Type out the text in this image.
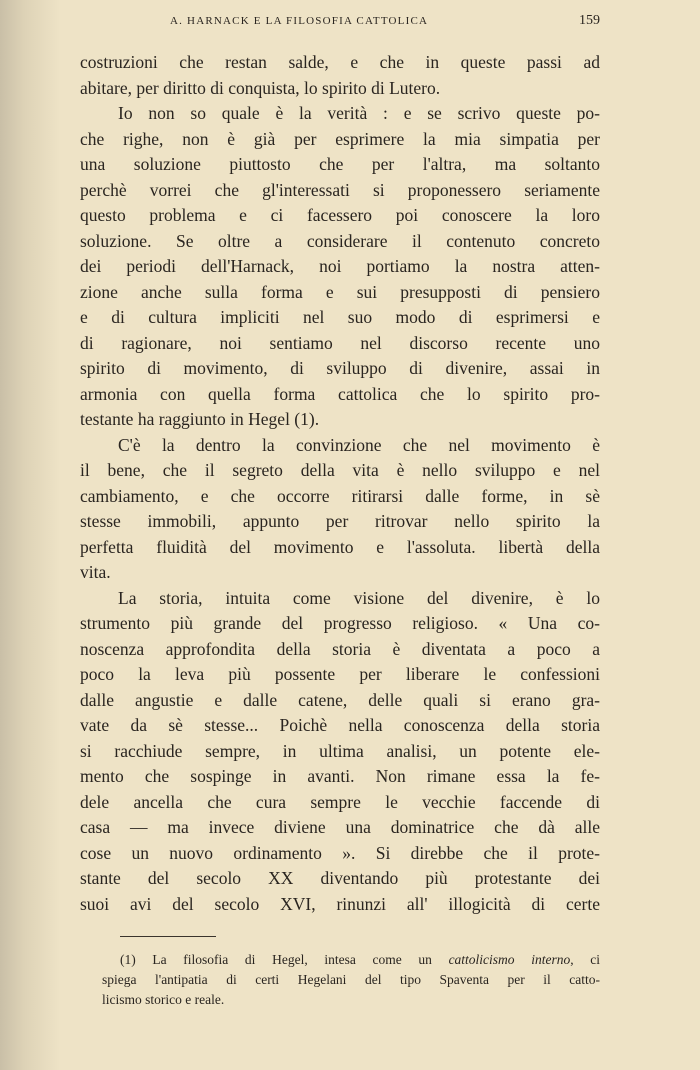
A. HARNACK E LA FILOSOFIA CATTOLICA	159
costruzioni che restan salde, e che in queste passi ad
abitare, per diritto di conquista, lo spirito di Lutero.
Io non so quale è la verità : e se scrivo queste po-
che righe, non è già per esprimere la mia simpatia per
una soluzione piuttosto che per l'altra, ma soltanto
perchè vorrei che gl'interessati si proponessero seriamente
questo problema e ci facessero poi conoscere la loro
soluzione. Se oltre a considerare il contenuto concreto
dei periodi dell'Harnack, noi portiamo la nostra atten-
zione anche sulla forma e sui presupposti di pensiero
e di cultura impliciti nel suo modo di esprimersi e
di ragionare, noi sentiamo nel discorso recente uno
spirito di movimento, di sviluppo di divenire, assai in
armonia con quella forma cattolica che lo spirito pro-
testante ha raggiunto in Hegel (1).
C'è la dentro la convinzione che nel movimento è
il bene, che il segreto della vita è nello sviluppo e nel
cambiamento, e che occorre ritirarsi dalle forme, in sè
stesse immobili, appunto per ritrovar nello spirito la
perfetta fluidità del movimento e l'assoluta. libertà della
vita.
La storia, intuita come visione del divenire, è lo
strumento più grande del progresso religioso. « Una co-
noscenza approfondita della storia è diventata a poco a
poco la leva più possente per liberare le confessioni
dalle angustie e dalle catene, delle quali si erano gra-
vate da sè stesse... Poichè nella conoscenza della storia
si racchiude sempre, in ultima analisi, un potente ele-
mento che sospinge in avanti. Non rimane essa la fe-
dele ancella che cura sempre le vecchie faccende di
casa — ma invece diviene una dominatrice che dà alle
cose un nuovo ordinamento ». Si direbbe che il prote-
stante del secolo XX diventando più protestante dei
suoi avi del secolo XVI, rinunzi all' illogicità di certe
(1) La filosofia di Hegel, intesa come un cattolicismo interno, ci
spiega l'antipatia di certi Hegelani del tipo Spaventa per il catto-
licismo storico e reale.
